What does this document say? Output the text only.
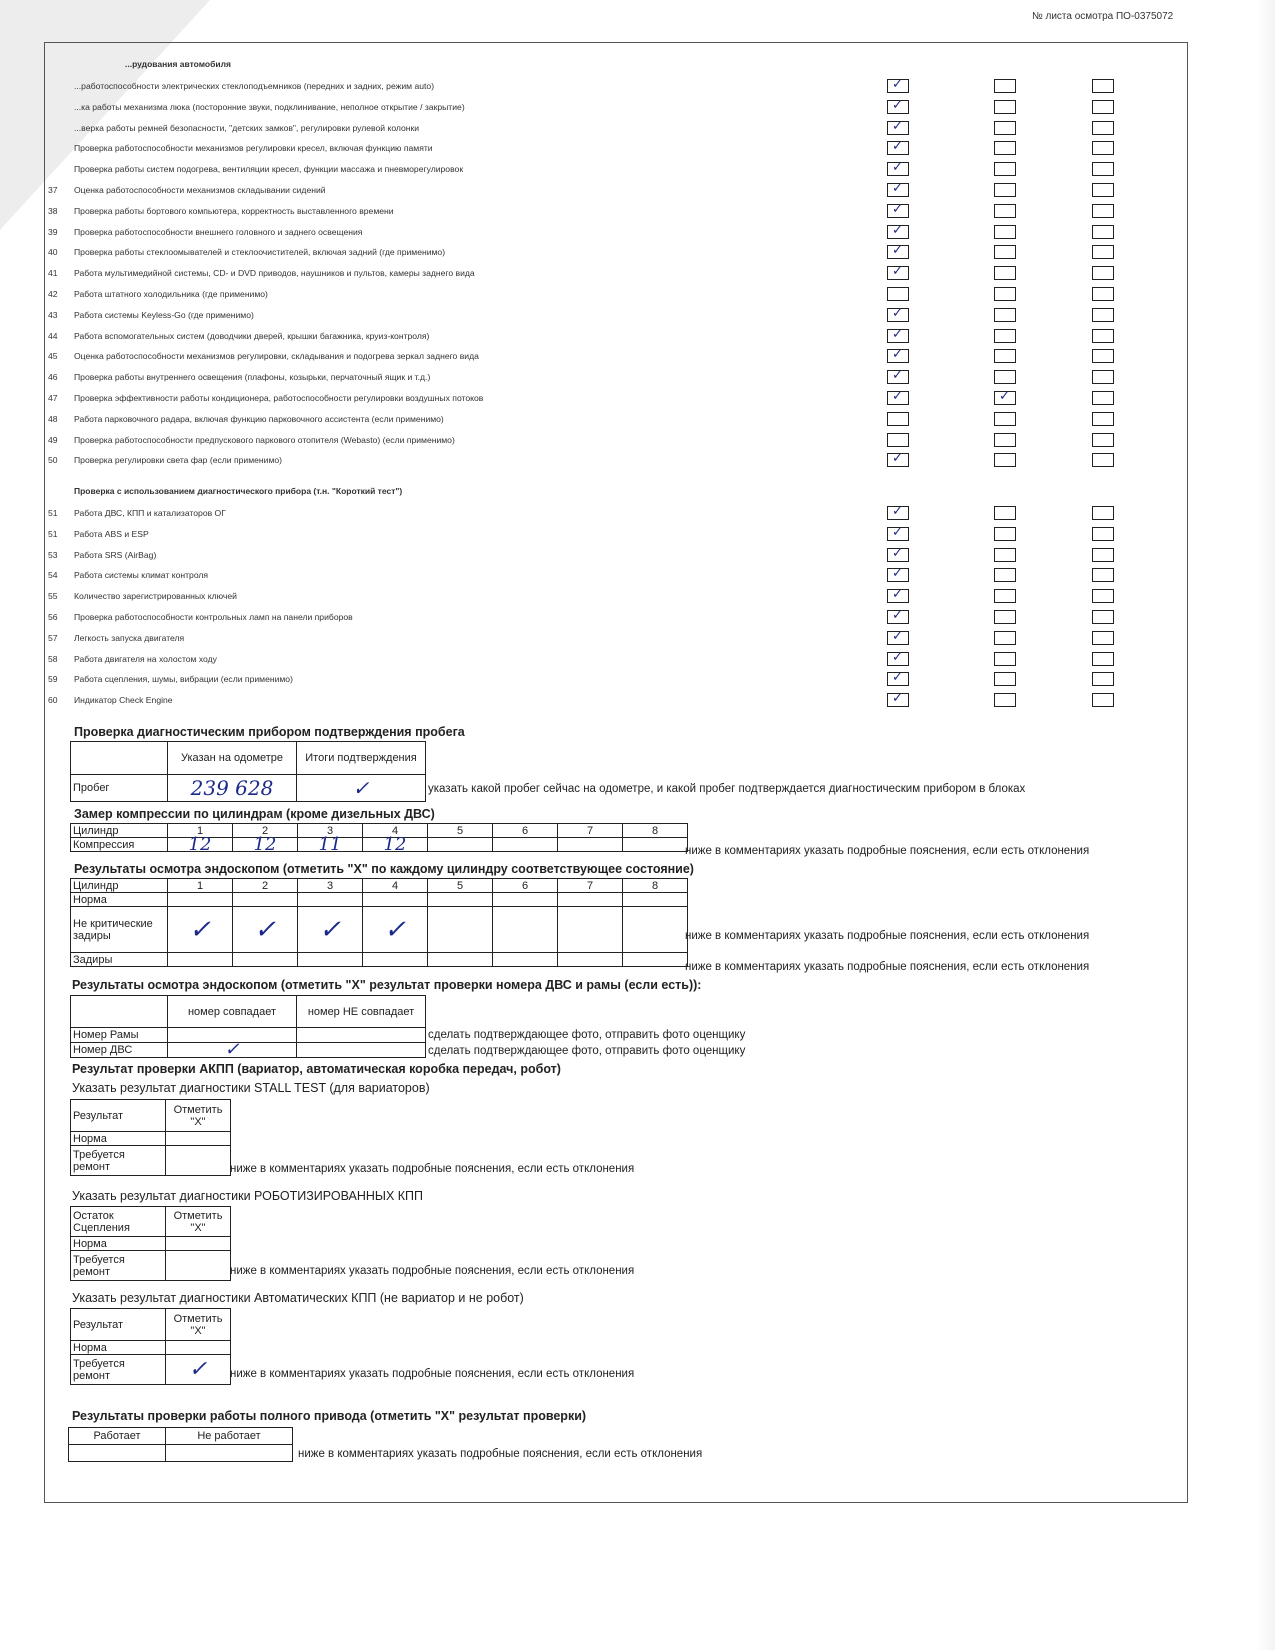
№ листа осмотра ПО-0375072
...рудования автомобиля
...работоспособности электрических стеклоподъемников (передних и задних, режим auto)	✓
...ка работы механизма люка (посторонние звуки, подклинивание, неполное открытие / закрытие)	✓
...верка работы ремней безопасности, "детских замков", регулировки рулевой колонки	✓
Проверка работоспособности механизмов регулировки кресел, включая функцию памяти	✓
Проверка работы систем подогрева, вентиляции кресел, функции массажа и пневморегулировок	✓
37	Оценка работоспособности механизмов складывании сидений	✓
38	Проверка работы бортового компьютера, корректность выставленного времени	✓
39	Проверка работоспособности внешнего головного и заднего освещения	✓
40	Проверка работы стеклоомывателей и стеклоочистителей, включая задний (где применимо)	✓
41	Работа мультимедийной системы, CD- и DVD приводов, наушников и пультов, камеры заднего вида	✓
42	Работа штатного холодильника (где применимо)
43	Работа системы Keyless-Go (где применимо)	✓
44	Работа вспомогательных систем (доводчики дверей, крышки багажника, круиз-контроля)	✓
45	Оценка работоспособности механизмов регулировки, складывания и подогрева зеркал заднего вида	✓
46	Проверка работы внутреннего освещения (плафоны, козырьки, перчаточный ящик и т.д.)	✓
47	Проверка эффективности работы кондиционера, работоспособности регулировки воздушных потоков	✓	✓
48	Работа парковочного радара, включая функцию парковочного ассистента (если применимо)
49	Проверка работоспособности предпускового паркового отопителя (Webasto) (если применимо)
50	Проверка регулировки света фар (если применимо)	✓
Проверка с использованием диагностического прибора (т.н. "Короткий тест")
51	Работа ДВС, КПП и катализаторов ОГ	✓
51	Работа ABS и ESP	✓
53	Работа SRS (AirBag)	✓
54	Работа системы климат контроля	✓
55	Количество зарегистрированных ключей	✓
56	Проверка работоспособности контрольных ламп на панели приборов	✓
57	Легкость запуска двигателя	✓
58	Работа двигателя на холостом ходу	✓
59	Работа сцепления, шумы, вибрации (если применимо)	✓
60	Индикатор Check Engine	✓
Проверка диагностическим прибором подтверждения пробега
	Указан на одометре	Итоги подтверждения
Пробег	239 628	✓	указать какой пробег сейчас на одометре, и какой пробег подтверждается диагностическим прибором в блоках
Замер компрессии по цилиндрам (кроме дизельных ДВС)
Цилиндр	1	2	3	4	5	6	7	8
Компрессия	12	12	11	12					ниже в комментариях указать подробные пояснения, если есть отклонения
Результаты осмотра эндоскопом (отметить "X" по каждому цилиндру соответствующее состояние)
Цилиндр	1	2	3	4	5	6	7	8
Норма								
Не критические задиры	✓	✓	✓	✓				
Задиры								
ниже в комментариях указать подробные пояснения, если есть отклонения
ниже в комментариях указать подробные пояснения, если есть отклонения
Результаты осмотра эндоскопом (отметить "X" результат проверки номера ДВС и рамы (если есть)):
	номер совпадает	номер НЕ совпадает
Номер Рамы		
Номер ДВС	✓	
сделать подтверждающее фото, отправить фото оценщику
сделать подтверждающее фото, отправить фото оценщику
Результат проверки АКПП (вариатор, автоматическая коробка передач, робот)
Указать результат диагностики STALL TEST (для вариаторов)
Результат	Отметить "X"
Норма	
Требуется ремонт		ниже в комментариях указать подробные пояснения, если есть отклонения
Указать результат диагностики РОБОТИЗИРОВАННЫХ КПП
Остаток Сцепления	Отметить "X"
Норма	
Требуется ремонт		ниже в комментариях указать подробные пояснения, если есть отклонения
Указать результат диагностики Автоматических КПП (не вариатор и не робот)
Результат	Отметить "X"
Норма	
Требуется ремонт	✓ ниже в комментариях указать подробные пояснения, если есть отклонения
Результаты проверки работы полного привода (отметить "X" результат проверки)
Работает	Не работает

ниже в комментариях указать подробные пояснения, если есть отклонения
